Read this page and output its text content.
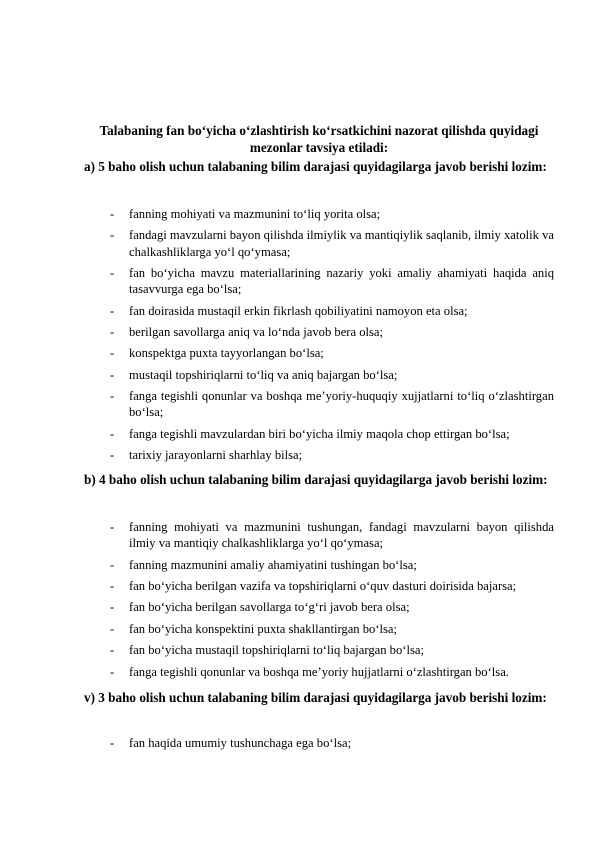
Talabaning fan bo‘yicha o‘zlashtirish ko‘rsatkichini nazorat qilishda quyidagi mezonlar tavsiya etiladi:
a) 5 baho olish uchun talabaning bilim darajasi quyidagilarga javob berishi lozim:
- fanning mohiyati va mazmunini to‘liq yorita olsa;
- fandagi mavzularni bayon qilishda ilmiylik va mantiqiylik saqlanib, ilmiy xatolik va chalkashliklarga yo‘l qo‘ymasa;
- fan bo‘yicha mavzu materiallarining nazariy yoki amaliy ahamiyati haqida aniq tasavvurga ega bo‘lsa;
- fan doirasida mustaqil erkin fikrlash qobiliyatini namoyon eta olsa;
- berilgan savollarga aniq va lo‘nda javob bera olsa;
- konspektga puxta tayyorlangan bo‘lsa;
- mustaqil topshiriqlarni to‘liq va aniq bajargan bo‘lsa;
- fanga tegishli qonunlar va boshqa me’yoriy-huquqiy xujjatlarni to‘liq o‘zlashtirgan bo‘lsa;
- fanga tegishli mavzulardan biri bo‘yicha ilmiy maqola chop ettirgan bo‘lsa;
- tarixiy jarayonlarni sharhlay bilsa;
b) 4 baho olish uchun talabaning bilim darajasi quyidagilarga javob berishi lozim:
- fanning mohiyati va mazmunini tushungan, fandagi mavzularni bayon qilishda ilmiy va mantiqiy chalkashliklarga yo‘l qo‘ymasa;
- fanning mazmunini amaliy ahamiyatini tushingan bo‘lsa;
- fan bo‘yicha berilgan vazifa va topshiriqlarni o‘quv dasturi doirisida bajarsa;
- fan bo‘yicha berilgan savollarga to‘g‘ri javob bera olsa;
- fan bo‘yicha konspektini puxta shakllantirgan bo‘lsa;
- fan bo‘yicha mustaqil topshiriqlarni to‘liq bajargan bo‘lsa;
- fanga tegishli qonunlar va boshqa me’yoriy hujjatlarni o‘zlashtirgan bo‘lsa.
v) 3 baho olish uchun talabaning bilim darajasi quyidagilarga javob berishi lozim:
- fan haqida umumiy tushunchaga ega bo‘lsa;
